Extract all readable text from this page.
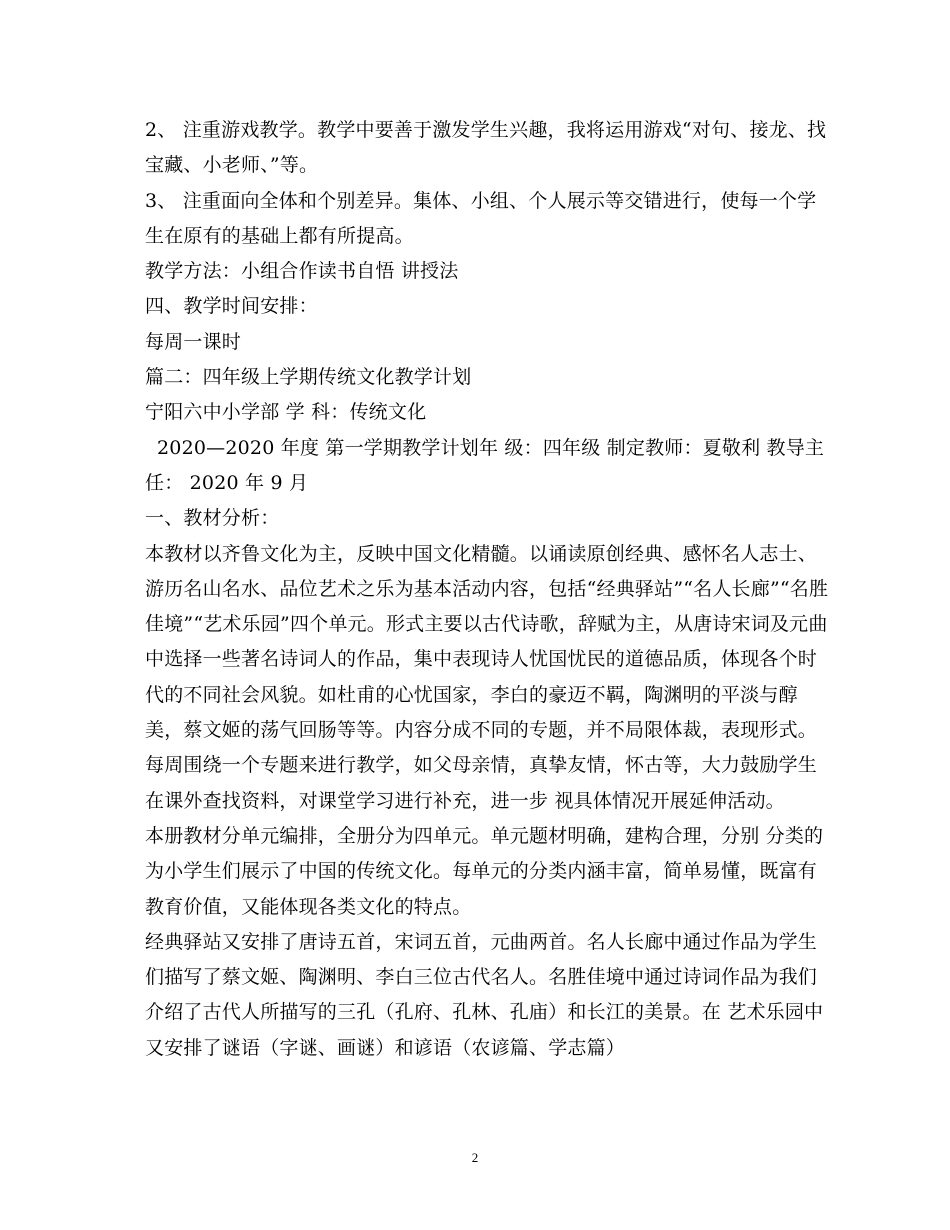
2、 注重游戏教学。教学中要善于激发学生兴趣，我将运用游戏“对句、接龙、找
宝藏、小老师、”等。
3、 注重面向全体和个别差异。集体、小组、个人展示等交错进行，使每一个学
生在原有的基础上都有所提高。
教学方法：小组合作读书自悟 讲授法
四、教学时间安排：
每周一课时
篇二：四年级上学期传统文化教学计划
宁阳六中小学部 学 科：传统文化
2020—2020 年度 第一学期教学计划年 级：四年级 制定教师：夏敬利 教导主
任： 2020 年 9 月
一、教材分析：
本教材以齐鲁文化为主，反映中国文化精髓。以诵读原创经典、感怀名人志士、
游历名山名水、品位艺术之乐为基本活动内容，包括“经典驿站”“名人长廊”“名胜
佳境”“艺术乐园”四个单元。形式主要以古代诗歌，辞赋为主，从唐诗宋词及元曲
中选择一些著名诗词人的作品，集中表现诗人忧国忧民的道德品质，体现各个时
代的不同社会风貌。如杜甫的心忧国家，李白的豪迈不羁，陶渊明的平淡与醇
美，蔡文姬的荡气回肠等等。内容分成不同的专题，并不局限体裁，表现形式。
每周围绕一个专题来进行教学，如父母亲情，真挚友情，怀古等，大力鼓励学生
在课外查找资料，对课堂学习进行补充，进一步 视具体情况开展延伸活动。
本册教材分单元编排，全册分为四单元。单元题材明确，建构合理，分别 分类的
为小学生们展示了中国的传统文化。每单元的分类内涵丰富，简单易懂，既富有
教育价值，又能体现各类文化的特点。
经典驿站又安排了唐诗五首，宋词五首，元曲两首。名人长廊中通过作品为学生
们描写了蔡文姬、陶渊明、李白三位古代名人。名胜佳境中通过诗词作品为我们
介绍了古代人所描写的三孔（孔府、孔林、孔庙）和长江的美景。在 艺术乐园中
又安排了谜语（字谜、画谜）和谚语（农谚篇、学志篇）
2
